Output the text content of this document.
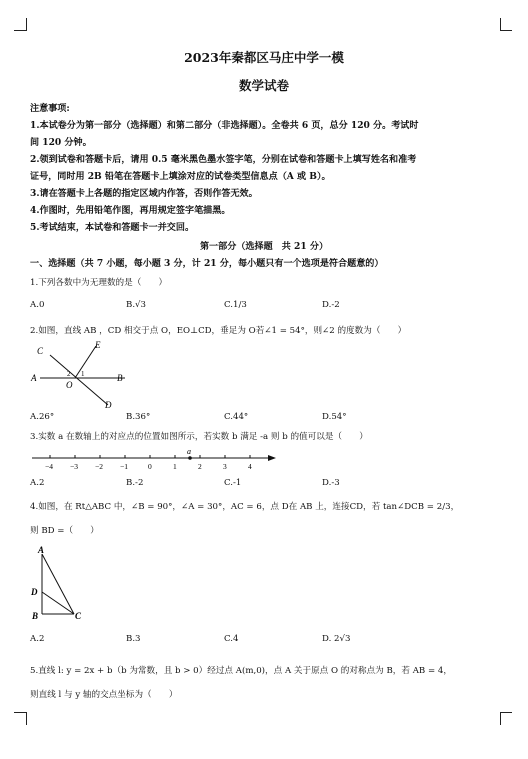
2023年秦都区马庄中学一模
数学试卷
注意事项:
1.本试卷分为第一部分（选择题）和第二部分（非选择题）。全卷共 6 页，总分 120 分。考试时
间 120 分钟。
2.领到试卷和答题卡后，请用 0.5 毫米黑色墨水签字笔，分别在试卷和答题卡上填写姓名和准考
证号，同时用 2B 铅笔在答题卡上填涂对应的试卷类型信息点（A 或 B）。
3.请在答题卡上各题的指定区域内作答，否则作答无效。
4.作图时，先用铅笔作图，再用规定签字笔描黑。
5.考试结束，本试卷和答题卡一并交回。
第一部分（选择题　共 21 分）
一、选择题（共 7 小题，每小题 3 分，计 21 分，每小题只有一个选项是符合题意的）
1.下列各数中为无理数的是（　　）
A.0	B.√3	C.1/3	D.-2
2.如图，直线 AB ，CD 相交于点 O，EO⊥CD，垂足为 O若∠1 = 54°，则∠2 的度数为（　　）
C
E
A
O
2 1	B
D
A.26°	B.36°	C.44°	D.54°
3.实数 a 在数轴上的对应点的位置如图所示，若实数 b 满足 -a 则 b 的值可以是（　　）
a
−4 −3 −2 −1	0	1	2	3	4
A.2	B.-2	C.-1	D.-3
4.如图，在 Rt△ABC 中，∠B = 90°，∠A = 30°，AC = 6，点 D在 AB 上，连接CD，若 tan∠DCB = 2/3，
则 BD =（　　）
A
D
B	C
A.2	B.3	C.4	D. 2√3
5.直线 l: y = 2x + b（b 为常数，且 b > 0）经过点 A(m,0)，点 A 关于原点 O 的对称点为 B，若 AB = 4，
则直线 l 与 y 轴的交点坐标为（　　）
